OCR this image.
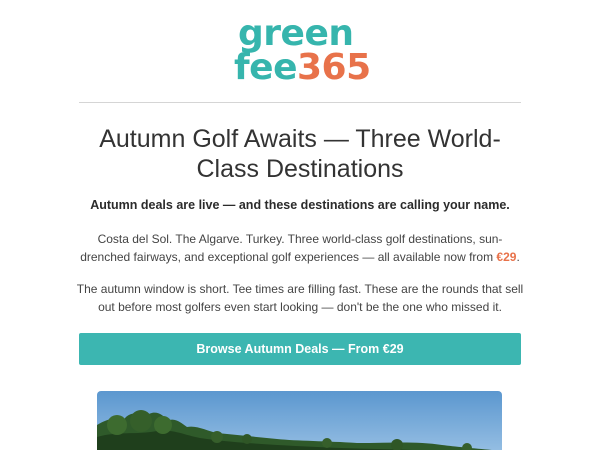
green
fee365
Autumn Golf Awaits — Three World-Class Destinations

Autumn deals are live — and these destinations are calling your name.

Costa del Sol. The Algarve. Turkey. Three world-class golf destinations, sun-drenched fairways, and exceptional golf experiences — all available now from €29.

The autumn window is short. Tee times are filling fast. These are the rounds that sell out before most golfers even start looking — don't be the one who missed it.

Browse Autumn Deals — From €29
